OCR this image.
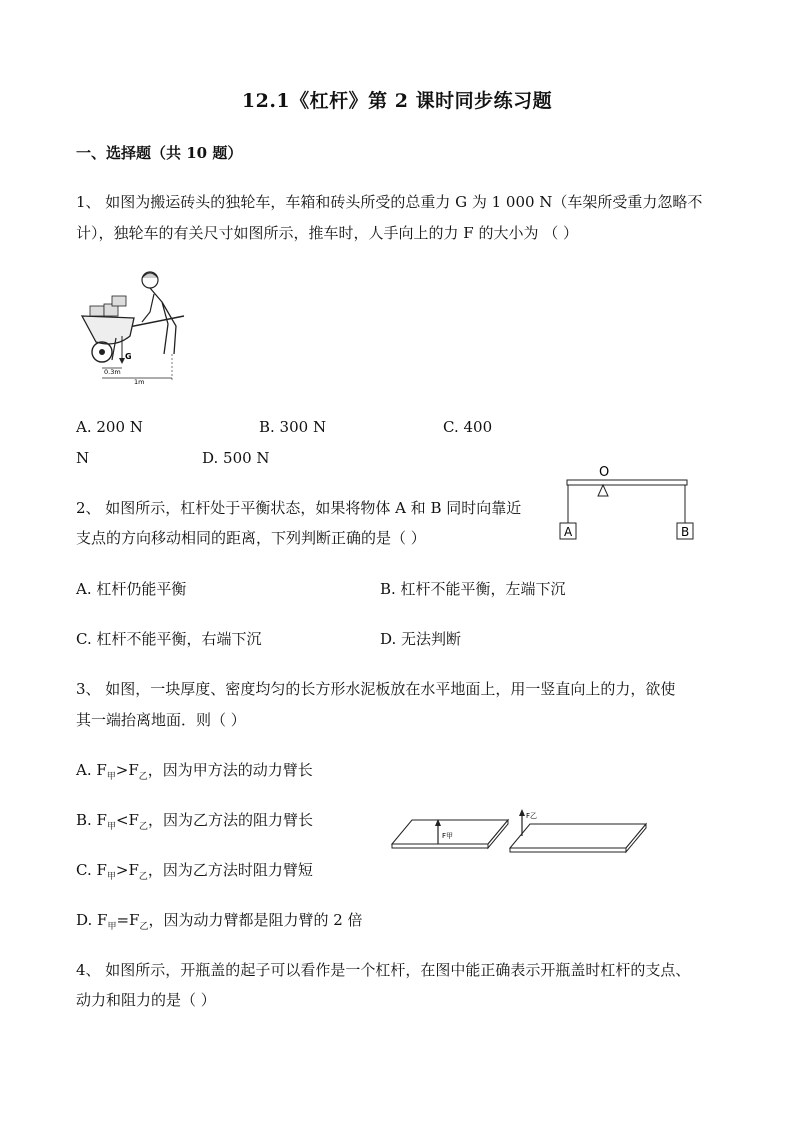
12.1《杠杆》第 2 课时同步练习题
一、选择题（共 10 题）
1、 如图为搬运砖头的独轮车，车箱和砖头所受的总重力 G 为 1 000 N（车架所受重力忽略不
计），独轮车的有关尺寸如图所示，推车时，人手向上的力 F 的大小为 （ ）
G
0.3m
1m
A. 200 N	B. 300 N	C. 400
N	D. 500 N
2、 如图所示，杠杆处于平衡状态，如果将物体 A 和 B 同时向靠近
支点的方向移动相同的距离，下列判断正确的是（ ）
O
A	B
A. 杠杆仍能平衡	B. 杠杆不能平衡，左端下沉
C. 杠杆不能平衡，右端下沉	D. 无法判断
3、 如图，一块厚度、密度均匀的长方形水泥板放在水平地面上，用一竖直向上的力，欲使
其一端抬离地面．则（ ）
A. $F_甲>F_乙$，因为甲方法的动力臂长
B. $F_甲<F_乙$，因为乙方法的阻力臂长
C. $F_甲>F_乙$，因为乙方法时阻力臂短
D. $F_甲=F_乙$，因为动力臂都是阻力臂的 2 倍
F甲
F乙
4、 如图所示，开瓶盖的起子可以看作是一个杠杆，在图中能正确表示开瓶盖时杠杆的支点、
动力和阻力的是（ ）
